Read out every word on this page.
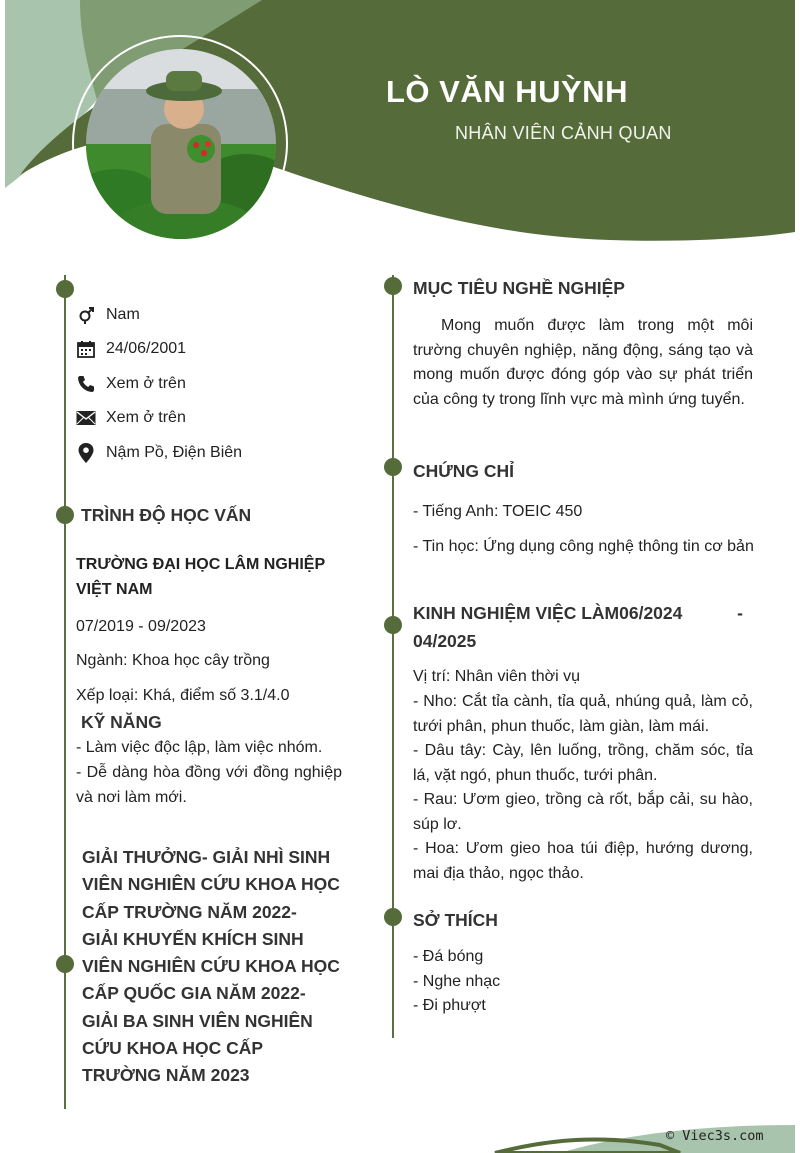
LÒ VĂN HUỲNH
NHÂN VIÊN CẢNH QUAN
Nam
24/06/2001
Xem ở trên
Xem ở trên
Nậm Pồ, Điện Biên
TRÌNH ĐỘ HỌC VẤN
TRƯỜNG ĐẠI HỌC LÂM NGHIỆP
VIỆT NAM
07/2019 - 09/2023
Ngành: Khoa học cây trồng
Xếp loại: Khá, điểm số 3.1/4.0
KỸ NĂNG
- Làm việc độc lập, làm việc nhóm.
- Dễ dàng hòa đồng với đồng nghiệp và nơi làm mới.
GIẢI THƯỞNG- GIẢI NHÌ SINH
VIÊN NGHIÊN CỨU KHOA HỌC
CẤP TRƯỜNG NĂM 2022-
GIẢI KHUYẾN KHÍCH SINH
VIÊN NGHIÊN CỨU KHOA HỌC
CẤP QUỐC GIA NĂM 2022-
GIẢI BA SINH VIÊN NGHIÊN
CỨU KHOA HỌC CẤP
TRƯỜNG NĂM 2023
MỤC TIÊU NGHỀ NGHIỆP
Mong muốn được làm trong một môi trường chuyên nghiệp, năng động, sáng tạo và mong muốn được đóng góp vào sự phát triển của công ty trong lĩnh vực mà mình ứng tuyển.
CHỨNG CHỈ
- Tiếng Anh: TOEIC 450
- Tin học: Ứng dụng công nghệ thông tin cơ bản
KINH NGHIỆM VIỆC LÀM06/2024	-
04/2025
Vị trí: Nhân viên thời vụ
- Nho: Cắt tỉa cành, tỉa quả, nhúng quả, làm cỏ, tưới phân, phun thuốc, làm giàn, làm mái.
- Dâu tây: Cày, lên luống, trồng, chăm sóc, tỉa lá, vặt ngó, phun thuốc, tưới phân.
- Rau: Ươm gieo, trồng cà rốt, bắp cải, su hào, súp lơ.
- Hoa: Ươm gieo hoa túi điệp, hướng dương, mai địa thảo, ngọc thảo.
SỞ THÍCH
- Đá bóng
- Nghe nhạc
- Đi phượt
© Viec3s.com
